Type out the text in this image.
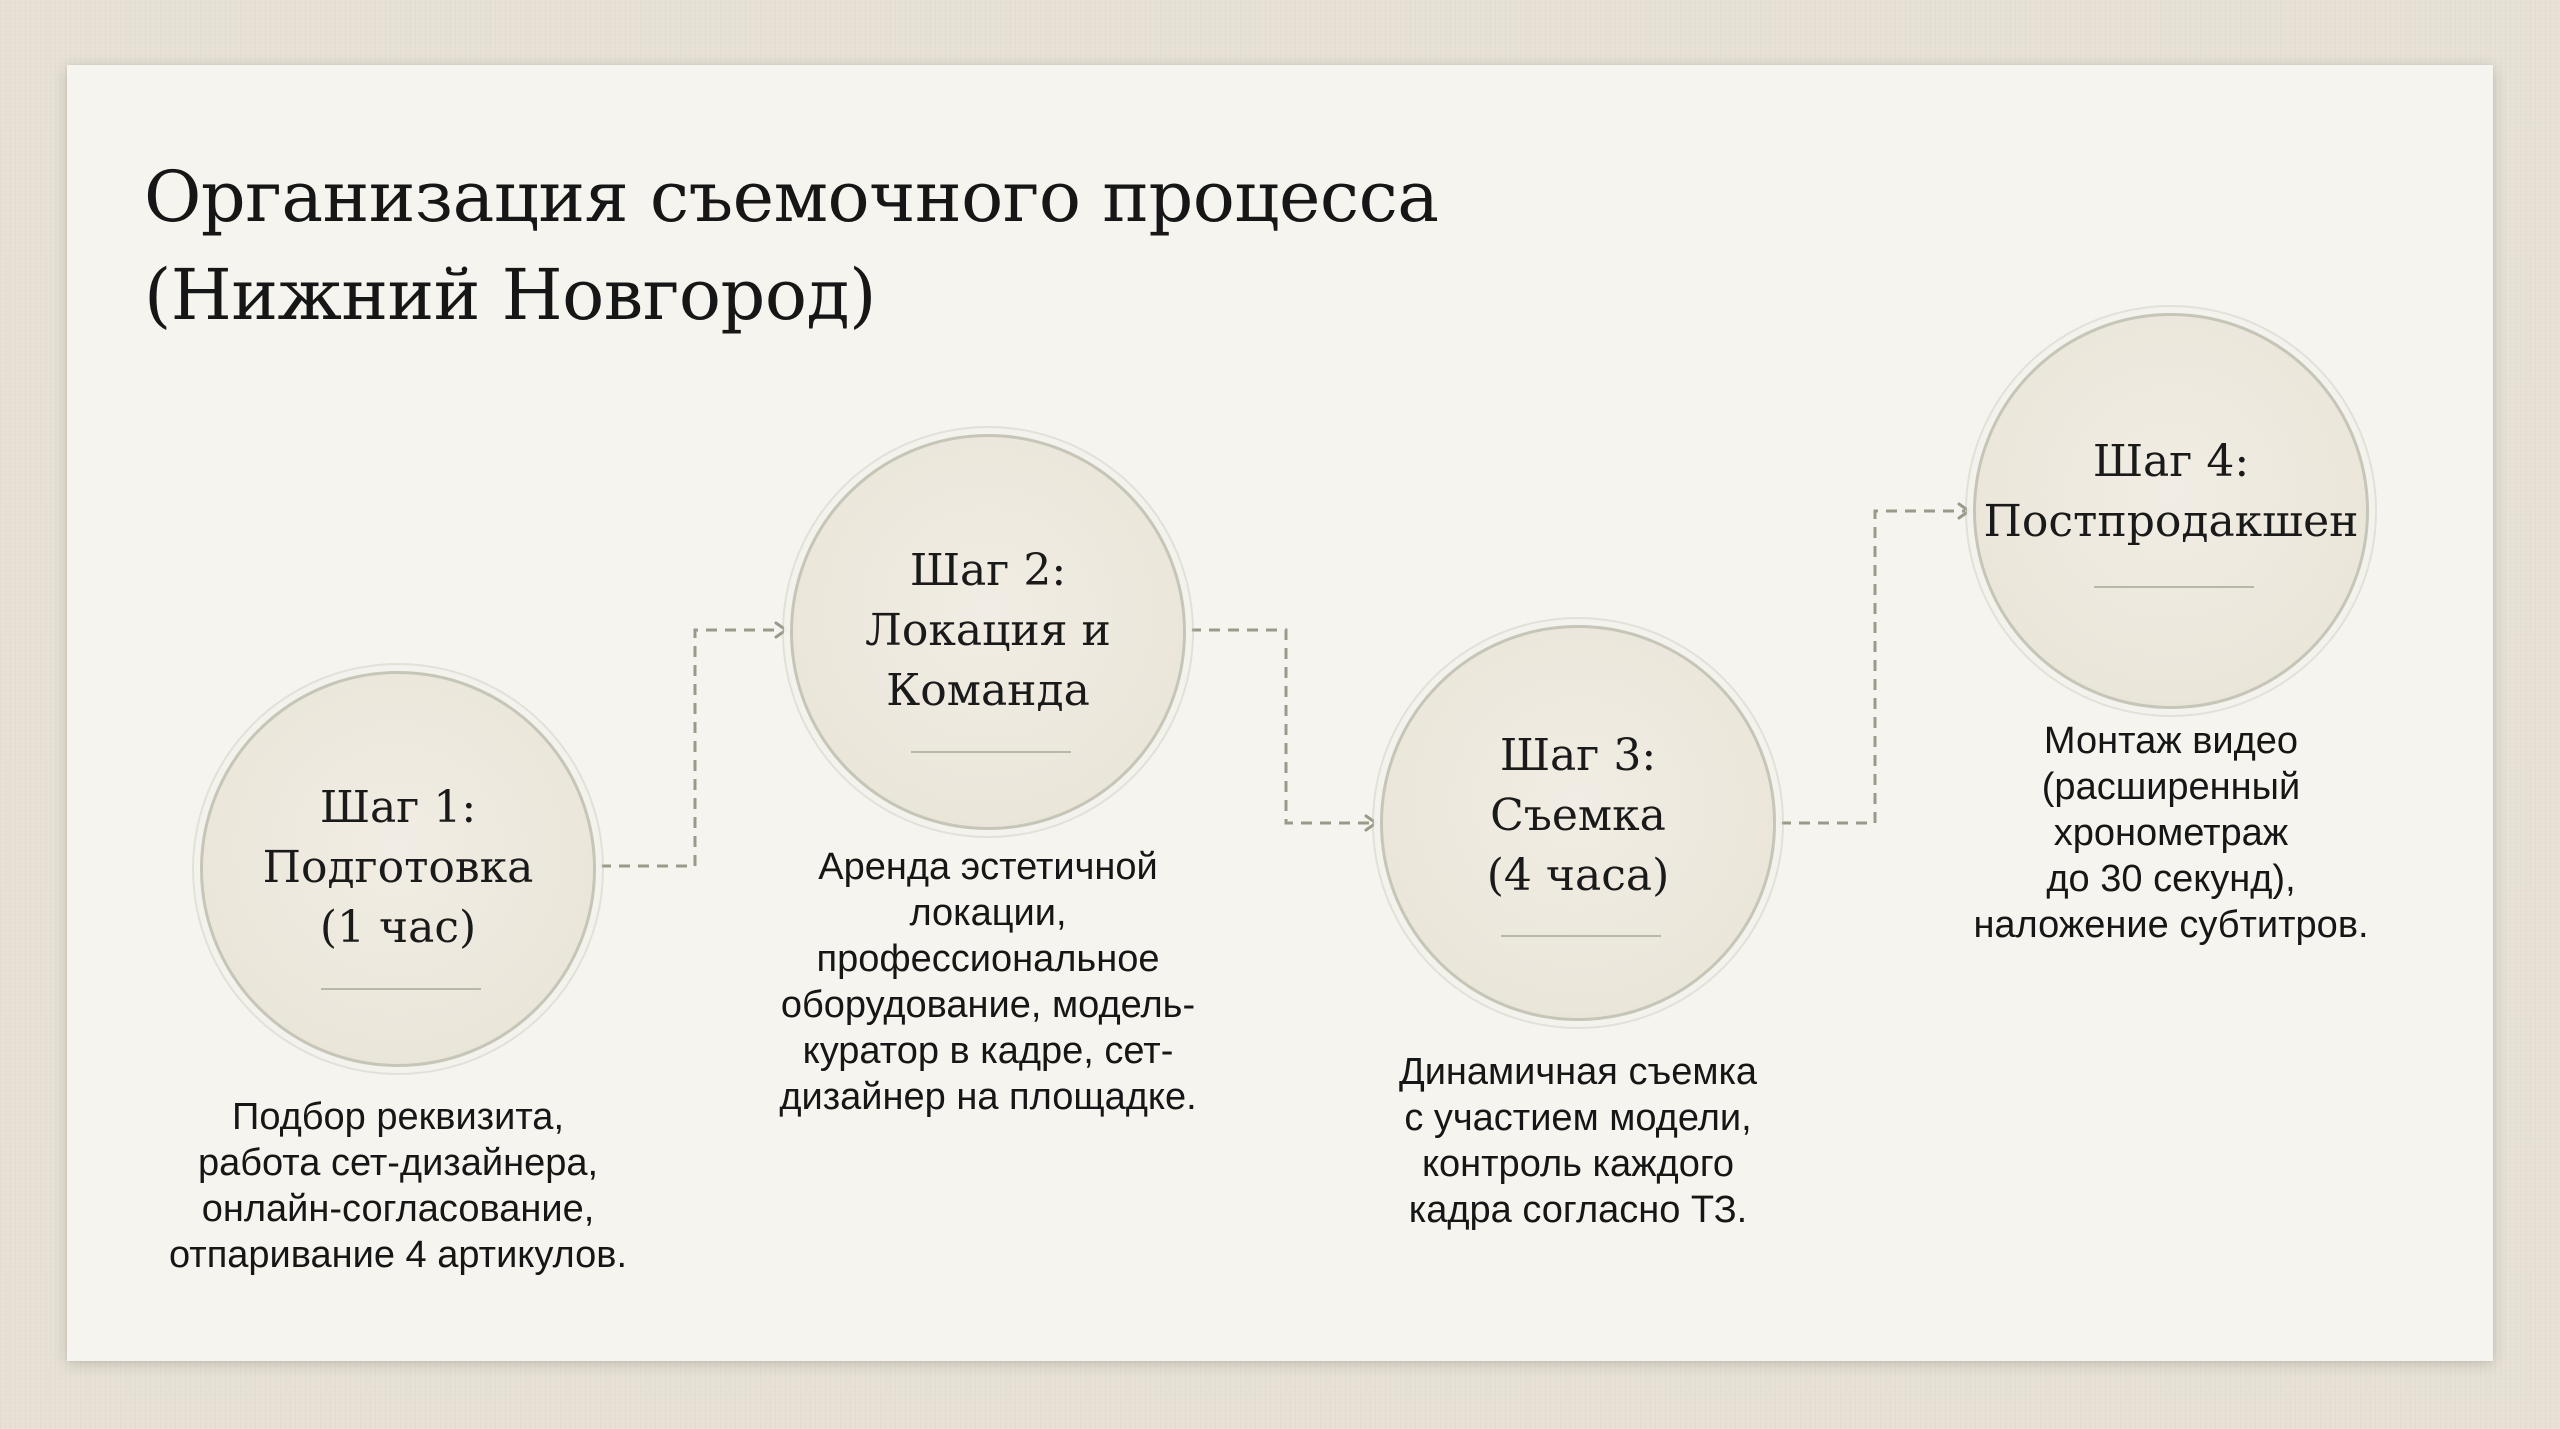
Организация съемочного процесса
(Нижний Новгород)
Шаг 1:
Подготовка
(1 час)
Подбор реквизита,
работа сет-дизайнера,
онлайн-согласование,
отпаривание 4 артикулов.
Шаг 2:
Локация и
Команда
Аренда эстетичной
локации,
профессиональное
оборудование, модель-
куратор в кадре, сет-
дизайнер на площадке.
Шаг 3:
Съемка
(4 часа)
Динамичная съемка
с участием модели,
контроль каждого
кадра согласно ТЗ.
Шаг 4:
Постпродакшен
Монтаж видео
(расширенный
хронометраж
до 30 секунд),
наложение субтитров.
